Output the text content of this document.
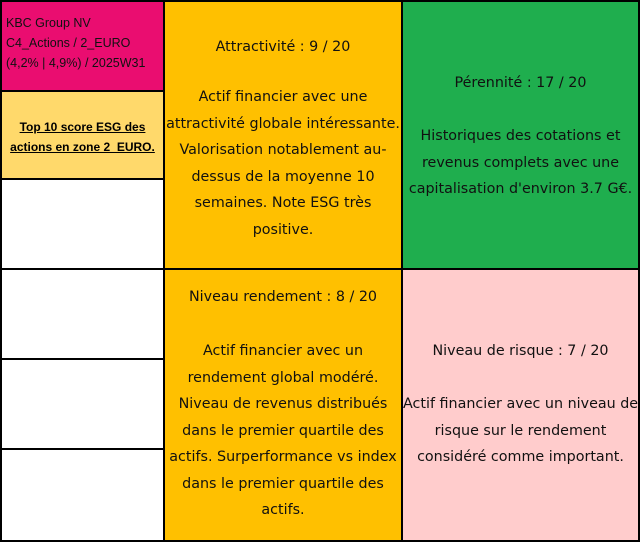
KBC Group NV
C4_Actions / 2_EURO
(4,2% | 4,9%) / 2025W31
Top 10 score ESG des
actions en zone 2_EURO.
Attractivité : 9 / 20
Actif financier avec une
attractivité globale intéressante.
Valorisation notablement au-
dessus de la moyenne 10
semaines. Note ESG très
positive.
Pérennité : 17 / 20
Historiques des cotations et
revenus complets avec une
capitalisation d'environ 3.7 G€.
Niveau rendement : 8 / 20
Actif financier avec un
rendement global modéré.
Niveau de revenus distribués
dans le premier quartile des
actifs. Surperformance vs index
dans le premier quartile des
actifs.
Niveau de risque : 7 / 20
Actif financier avec un niveau de
risque sur le rendement
considéré comme important.
